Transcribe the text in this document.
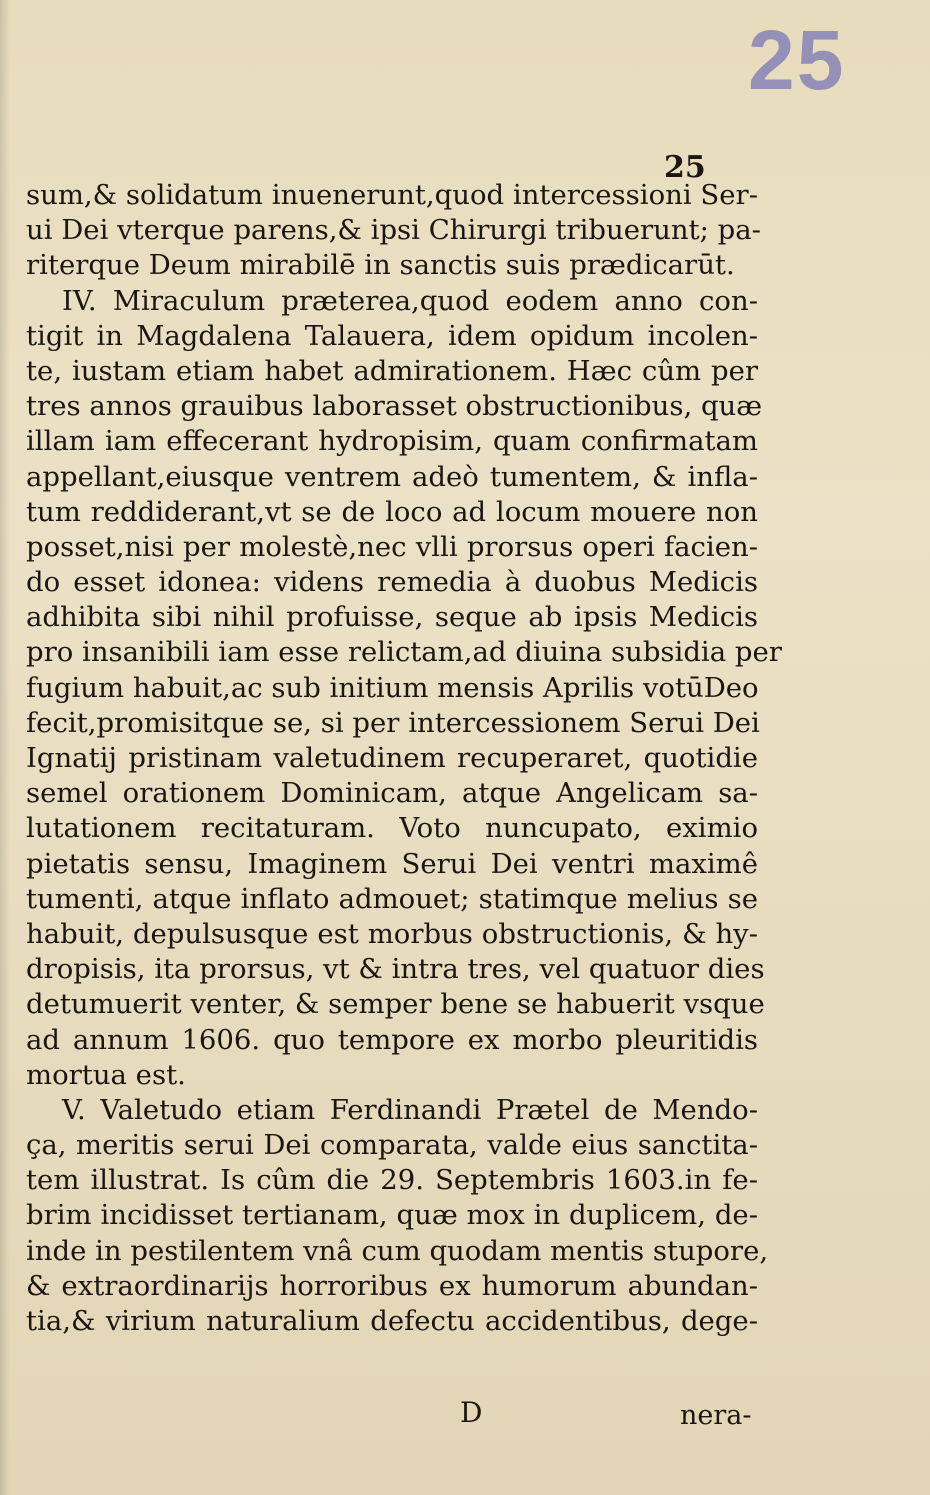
25
25
sum,& solidatum inuenerunt,quod intercessioni Ser-
ui Dei vterque parens,& ipsi Chirurgi tribuerunt; pa-
riterque Deum mirabilē in sanctis suis prædicarūt.
IV. Miraculum præterea,quod eodem anno con-
tigit in Magdalena Talauera, idem opidum incolen-
te, iustam etiam habet admirationem. Hæc cûm per
tres annos grauibus laborasset obstructionibus, quæ
illam iam effecerant hydropisim, quam confirmatam
appellant,eiusque ventrem adeò tumentem, & infla-
tum reddiderant,vt se de loco ad locum mouere non
posset,nisi per molestè,nec vlli prorsus operi facien-
do esset idonea: videns remedia à duobus Medicis
adhibita sibi nihil profuisse, seque ab ipsis Medicis
pro insanibili iam esse relictam,ad diuina subsidia per
fugium habuit,ac sub initium mensis Aprilis votūDeo
fecit,promisitque se, si per intercessionem Serui Dei
Ignatij pristinam valetudinem recuperaret, quotidie
semel orationem Dominicam, atque Angelicam sa-
lutationem recitaturam. Voto nuncupato, eximio
pietatis sensu, Imaginem Serui Dei ventri maximê
tumenti, atque inflato admouet; statimque melius se
habuit, depulsusque est morbus obstructionis, & hy-
dropisis, ita prorsus, vt & intra tres, vel quatuor dies
detumuerit venter, & semper bene se habuerit vsque
ad annum 1606. quo tempore ex morbo pleuritidis
mortua est.
V. Valetudo etiam Ferdinandi Prætel de Mendo-
ça, meritis serui Dei comparata, valde eius sanctita-
tem illustrat. Is cûm die 29. Septembris 1603.in fe-
brim incidisset tertianam, quæ mox in duplicem, de-
inde in pestilentem vnâ cum quodam mentis stupore,
& extraordinarijs horroribus ex humorum abundan-
tia,& virium naturalium defectu accidentibus, dege-
D	nera-
